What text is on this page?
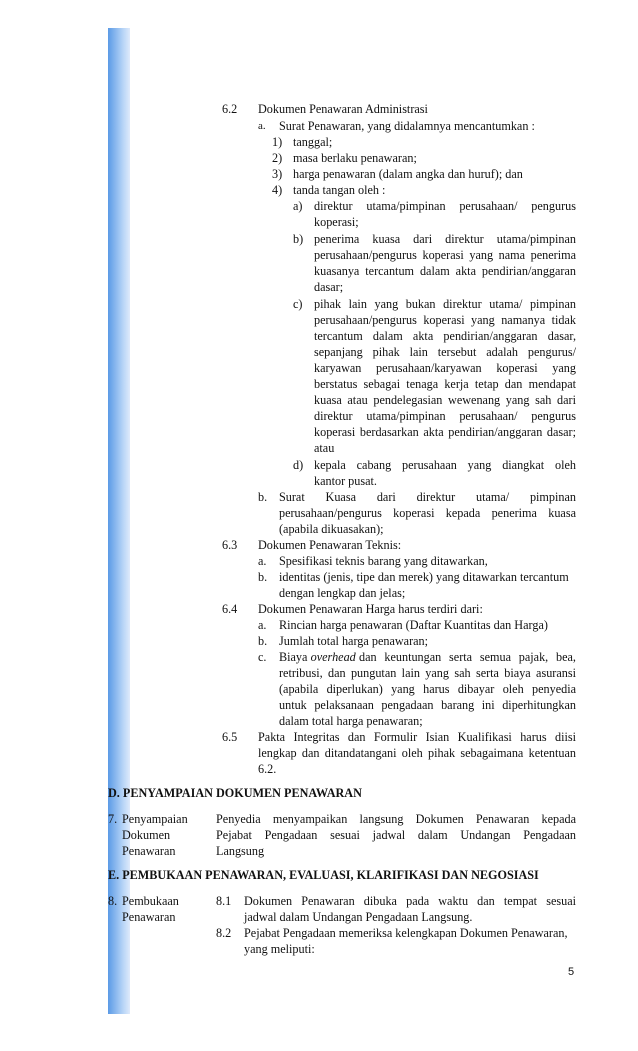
6.2 Dokumen Penawaran Administrasi
a. Surat Penawaran, yang didalamnya mencantumkan :
1) tanggal;
2) masa berlaku penawaran;
3) harga penawaran (dalam angka dan huruf); dan
4) tanda tangan oleh :
a) direktur utama/pimpinan perusahaan/ pengurus
koperasi;
b) penerima kuasa dari direktur utama/pimpinan
perusahaan/pengurus koperasi yang nama penerima
kuasanya tercantum dalam akta pendirian/anggaran
dasar;
c) pihak lain yang bukan direktur utama/ pimpinan
perusahaan/pengurus koperasi yang namanya tidak
tercantum dalam akta pendirian/anggaran dasar,
sepanjang pihak lain tersebut adalah pengurus/
karyawan perusahaan/karyawan koperasi yang
berstatus sebagai tenaga kerja tetap dan mendapat
kuasa atau pendelegasian wewenang yang sah dari
direktur utama/pimpinan perusahaan/ pengurus
koperasi berdasarkan akta pendirian/anggaran dasar;
atau
d) kepala cabang perusahaan yang diangkat oleh
kantor pusat.
b. Surat Kuasa dari direktur utama/ pimpinan
perusahaan/pengurus koperasi kepada penerima kuasa
(apabila dikuasakan);
6.3 Dokumen Penawaran Teknis:
a. Spesifikasi teknis barang yang ditawarkan,
b. identitas (jenis, tipe dan merek) yang ditawarkan tercantum
dengan lengkap dan jelas;
6.4 Dokumen Penawaran Harga harus terdiri dari:
a. Rincian harga penawaran (Daftar Kuantitas dan Harga)
b. Jumlah total harga penawaran;
c. Biaya overhead dan keuntungan serta semua pajak, bea,
retribusi, dan pungutan lain yang sah serta biaya asuransi
(apabila diperlukan) yang harus dibayar oleh penyedia
untuk pelaksanaan pengadaan barang ini diperhitungkan
dalam total harga penawaran;
6.5 Pakta Integritas dan Formulir Isian Kualifikasi harus diisi
lengkap dan ditandatangani oleh pihak sebagaimana ketentuan
6.2.
D. PENYAMPAIAN DOKUMEN PENAWARAN
7. Penyampaian
Dokumen
Penawaran
Penyedia menyampaikan langsung Dokumen Penawaran kepada
Pejabat Pengadaan sesuai jadwal dalam Undangan Pengadaan
Langsung
E. PEMBUKAAN PENAWARAN, EVALUASI, KLARIFIKASI DAN NEGOSIASI
8. Pembukaan
Penawaran
8.1 Dokumen Penawaran dibuka pada waktu dan tempat sesuai
jadwal dalam Undangan Pengadaan Langsung.
8.2 Pejabat Pengadaan memeriksa kelengkapan Dokumen Penawaran,
yang meliputi:
5
